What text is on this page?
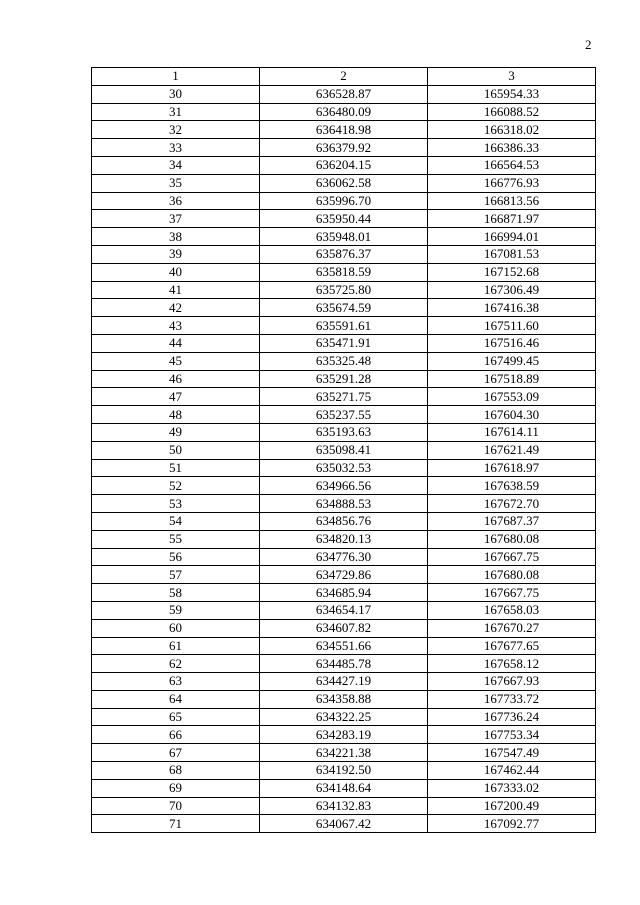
2
1	2	3
30	636528.87	165954.33
31	636480.09	166088.52
32	636418.98	166318.02
33	636379.92	166386.33
34	636204.15	166564.53
35	636062.58	166776.93
36	635996.70	166813.56
37	635950.44	166871.97
38	635948.01	166994.01
39	635876.37	167081.53
40	635818.59	167152.68
41	635725.80	167306.49
42	635674.59	167416.38
43	635591.61	167511.60
44	635471.91	167516.46
45	635325.48	167499.45
46	635291.28	167518.89
47	635271.75	167553.09
48	635237.55	167604.30
49	635193.63	167614.11
50	635098.41	167621.49
51	635032.53	167618.97
52	634966.56	167638.59
53	634888.53	167672.70
54	634856.76	167687.37
55	634820.13	167680.08
56	634776.30	167667.75
57	634729.86	167680.08
58	634685.94	167667.75
59	634654.17	167658.03
60	634607.82	167670.27
61	634551.66	167677.65
62	634485.78	167658.12
63	634427.19	167667.93
64	634358.88	167733.72
65	634322.25	167736.24
66	634283.19	167753.34
67	634221.38	167547.49
68	634192.50	167462.44
69	634148.64	167333.02
70	634132.83	167200.49
71	634067.42	167092.77
